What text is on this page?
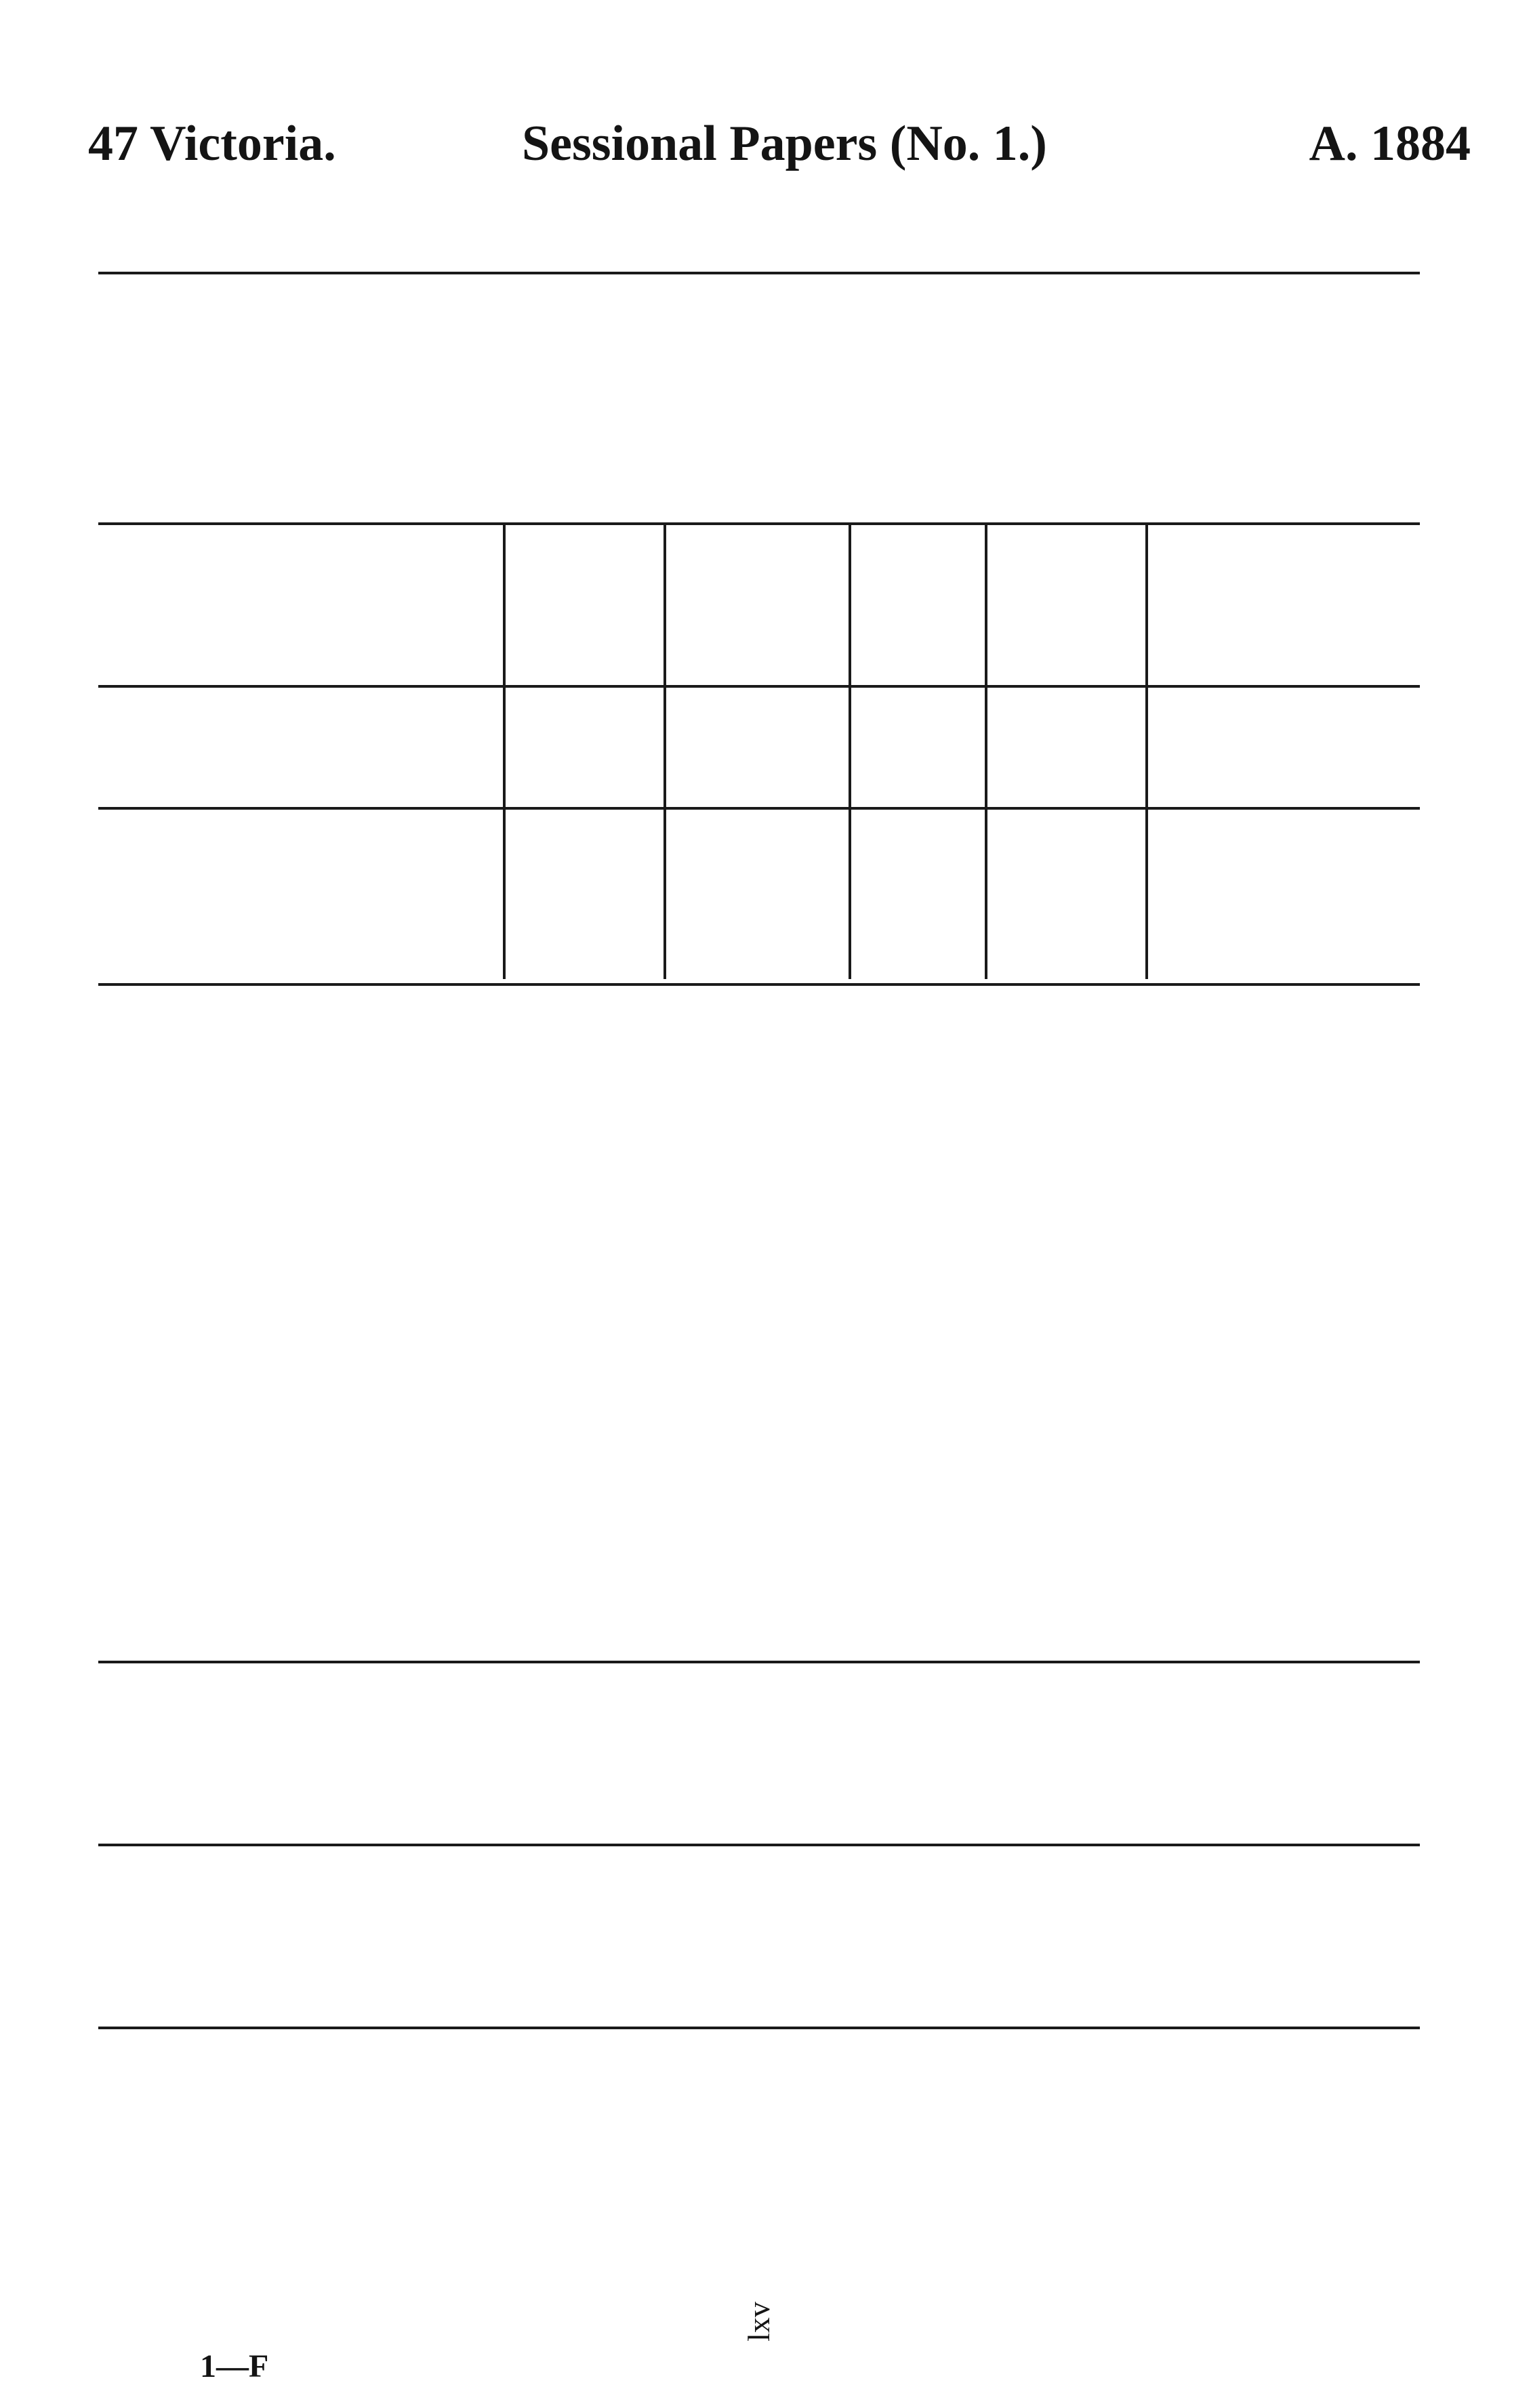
47 Victoria.	Sessional Papers (No. 1.)	A. 1884
1—F
lxv
